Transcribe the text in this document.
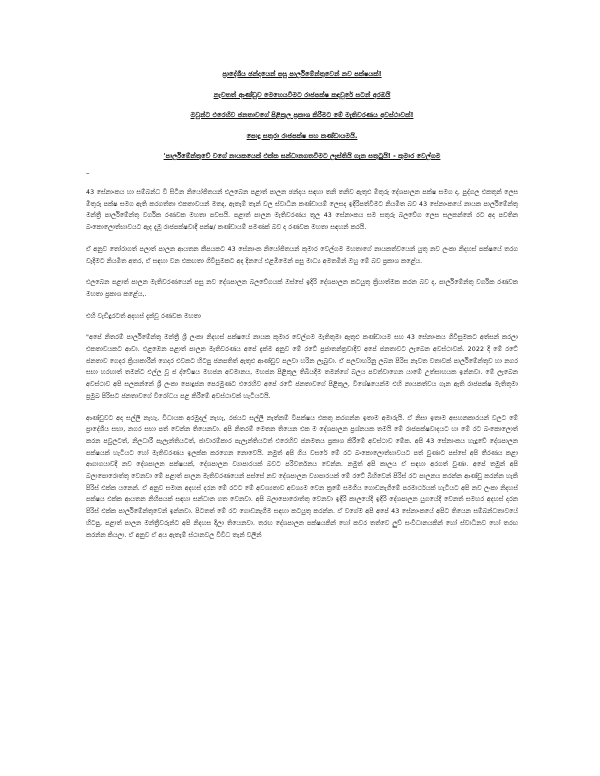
ප්‍රාදේශීය ඡන්දයෙන් පසු පාර්ලිමේන්තුවෙන් නව පක්ෂයක්!
නැවතත් ආණ්ඩුව මෙහෙයවීමට රාජපක්ෂ කඳවුරේ සටන් අරඹයි
ඔවුන්ට එරෙහිව ජනතාවගේ පිළිකුල ප්‍රකාශ කිරීමට මේ මැතිවරණය අවස්ථාවක්!
පොදු සතුරා රාජපක්ෂ සහ කණ්ඩායමයි.
'පාර්ලිමේන්තුවේ වගේ නායකයෙක් එක්ක සන්ධානගතවීමට ලෑස්තියි ගැන සතුටුයි! - කුමාර වෙල්ගම
–

43 සේනාංකය හා සම්බන්ධ වී සිටින නියෝජිතයන් එලබෙන පළාත් පාලන ඡන්දය සඳහා තනි තනිව ඇතුළු මිතුරු දේශපාලන පක්ෂ සමග ද, පුද්ගල එකතුන් ලෙස මිතුරු පක්ෂ සමග ඇති කරගත්තා එකතාවයන් මතද, ඇතැම් තැන් වල ස්වාධීන කණ්ඩායම් ලෙසද ඉදිරිපත්වීමට නියමිත බව 43 සේනාංකයේ නායක පාර්ලිමේන්තු මන්ත්‍රී පාර්ලිමේන්තු වර්ගික රණවක මහතා පවසයි. පළාත් පාලන මැතිවරණය තුල 43 සේනාංකය සම සතුරු බලවේග ලෙස සලකන්නේ රට අද පවතින බංකොලොත්භාවයට ඇද දැමූ රාජපක්ෂවාදී පක්ෂ/ කණ්ඩායම් පමණක් බව ද රණවක මහතා සඳහන් කරයි.

ඒ අනුව තෝරාගත් පලාත් පාලන ආයතන කීපයකට 43 සේනාංක නියෝජිතයන් කුමාර වෙල්ගම මහතාගේ නායකත්වයෙන් යුතු නව ලංකා නිදහස් පක්ෂයේ තරග වැදීමට නියමිත අතර, ඒ සඳහා වන එකඟතා ගිවිසුමකට අද දිනයේ එළඹීමෙන් පසු මාධ්‍ය අමතමින් ඔහු මේ බව ප්‍රකාශ කළේය.

එලබෙන පළාත් පාලන මැතිවරණයෙන් පසු නව දේශපාලන බලවේගයක් ඔස්සේ ඉදිරි දේශපාලන කටයුතු ක්‍රියාත්මක කරන බව ද, පාර්ලිමේන්තු වර්ගික රණවක මහතා ප්‍රකාශ කළේය,.

එහි වැඩිදුරටත් අදහස් දැක්වූ රණවක මහතා

"අපේ නිතරම් පාර්ලිමේන්තු මන්ත්‍රී ශ්‍රී ලංකා නිදහස් පක්ෂයේ නායක කුමාර වෙල්ගම මැතිතුමා ඇතුළු කණ්ඩායම සහ 43 සේනාංකය ගිවිසුමකට අත්සන් කරලා එකතාවයකට ආවා. එළඹෙන පළාත් පාලන මැතිවරණය අපේ දැක්ම අනුව මේ රටේ ප්‍රජාතන්ත්‍රවාදීව අපේ ජනතාවට ලැබෙන අවස්ථාවක්. 2022 දී මේ රටේ ජනතාව ගෙදර ක්‍රියාකාරීන් ගෙදර එවකට හිටපු ජනපතිත් ඇතුළු ආණ්ඩුව පලවා හරින ලැබුවා. ඒ පලවාහරිනු ලබන පිරිස නැවත වතාවක් පාර්ලිමේන්තුව හා නගර සභා හරහාත් තමන්ට එල්ල වූ ජ ද්වේෂය මහජන අවමානය, මහජන පිළිකුල තිබියදීම තමන්ගේ බලය පවත්වාගෙන යාමේ උත්සාහයක ඉන්නවා. මේ ලැබෙන අවස්ථාව අපි සලකන්නේ ශ්‍රී ලංකා පොදුජන පෙරමුණට එරෙහිව අපේ රටේ ජනතාවගේ පිළිකුල, විශේෂයෙන්ම එහි නායකත්වය ගැන ඇති රාජපක්ෂ මැතිතුමා ප්‍රමුඛ පිරිසට ජනතාවගේ විරෝධය පළ කිරීමේ අවස්ථාවක් හැටියටයි.

ආණ්ඩුවට අද සල්ලි නැහැ, විධායක අරමුදල් නැහැ, රජයට සල්ලි නැත්නම් විපක්ෂය එකතු කරගන්න ඉතාම අමාරුයි. ඒ නිසා ඉතාම අසහනකාරයන් වලට මේ ප්‍රාදේශීය සභා, නගර සභා පත් වෙන්න තියෙනවා. අපි නිතරම් මෙතන තියෙන එක ම දේශපාලන ප්‍රශ්නයක තමයි මේ රාජපක්ෂවාදයට හා මේ රට බංකොලොත් කරන පවුලටත්, නිලධාරී පැලැන්තියටත්, ජාවාරම්කාර පැලැන්තියටත් එරෙහිව ජනමතය ප්‍රකාශ කිරීමේ අවස්ථාව මේක. අපි 43 සේනාංකය හැදුවේ දේශපාලන පක්ෂයක් හැටියට හෝ මැතිවරණය ඉලක්ක කරගෙන නොවෙයි. නමුත් අපි ගිය වසරේ මේ රට බංකොලොත්භාවයට පත් වුණාට පස්සේ අපි තීරණය කළා ආගාගයාවදී නව දේශපාලන පක්ෂයක්, දේශපාලන ව්‍යාපාරයක් බවට පරිවර්තනය වෙන්න. නමුත් අපි කාලය ඒ සඳහා අරගත් වුණා. අපේ තමුන් අපි බලාපොරොත්තු වෙනවා මේ පළාත් පාලන මැතිවරණයෙන් පස්සේ නව දේශපාලන ව්‍යාපාරයක් මේ රටේ බිහිවෙන් පිරිස් රට පාලනය කරන්න ආණ්ඩු කරන්න හැකි පිරිස් එක්ක යනෙන්. ඒ අනුව සමාන අදහස් දරන මේ රටට මේ අවශ්‍යතාව අවශ්‍යම වෙන ක්‍රමේ සමගිය ගොඩනැගීමේ පරමාර්ථයක් හැටියට අපි නව ලංකා නිදහස් පක්ෂය එක්ක ආයතන නිහිපයක් සඳහා සන්ධාන ගත වෙනවා. අපි බලාපොරොත්තු වෙනවා ඉදිරි කාලයේදී ඉදිරි දේශපාලන යුගයේදී වෙනත් සමහර අදහස් දරන පිරිස් එක්ක පාර්ලිමේන්තුවෙන් ඉන්නවා. පිටතත් මේ රට ගොඩනැගීම සඳහා කටයුතු කරන්න. ඒ වගේම අපි අපේ 43 සේනාංකයේ අපිට තියෙන සම්බන්ධතාවයේ හිටපු, පළාත් පාලන මන්ත්‍රීවරුන්ට අපි නිදහස දීලා තියෙනවා. තරඟ දේශපාලන පක්ෂයකින් හෝ කවර තත්වෙ ලුව් සංවිධානයකින් හෝ ස්වාධීනව හෝ තරඟ කරන්න කියලා. ඒ අනුව ඒ අය ඇතැම් ස්ථානවල විවිධ තැන් වලින්
